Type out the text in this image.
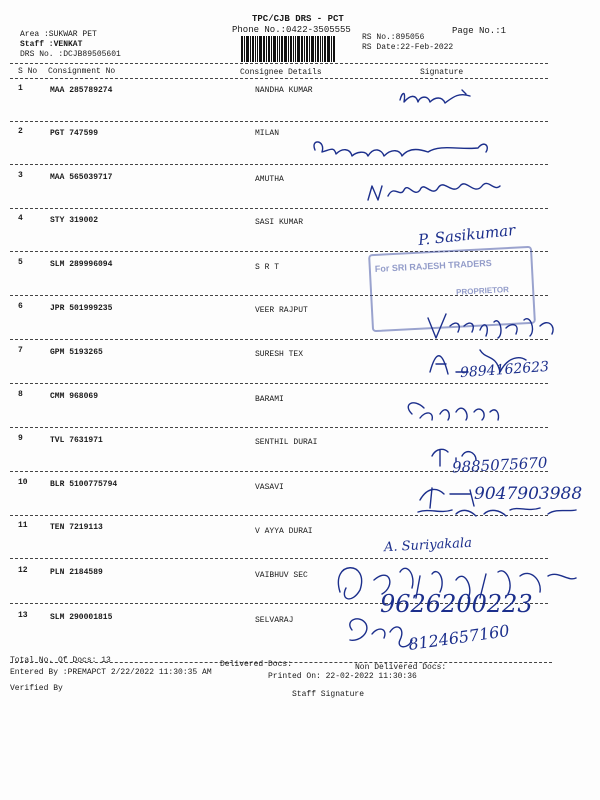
TPC/CJB DRS - PCT
Phone No.:0422-3505555
Area :SUKWAR PET
Staff :VENKAT
DRS No. :DCJB89505601
RS No.:895056
RS Date:22-Feb-2022
Page No.:1
S No Consignment No	Consignee Details	Signature
1	MAA 285789274	NANDHA KUMAR
2	PGT 747599	MILAN
3	MAA 565039717	AMUTHA
4	STY 319002	SASI KUMAR
5	SLM 289996094	S R T
6	JPR 501999235	VEER RAJPUT
7	GPM 5193265	SURESH TEX
8	CMM 968069	BARAMI
9	TVL 7631971	SENTHIL DURAI
10	BLR 5100775794	VASAVI
11	TEN 7219113	V AYYA DURAI
12	PLN 2184589	VAIBHUV SEC
13	SLM 290001815	SELVARAJ
For SRI RAJESH TRADERS
PROPRIETOR
P. Sasikumar
9894162623
9885075670
9047903988
A. Suriyakala
9626200223
8124657160
Total No. Of Docs: 13	Delivered Docs:	Non Delivered Docs:
Entered By :PREMAPCT 2/22/2022 11:30:35 AM	Printed On: 22-02-2022 11:30:36
Verified By
Staff Signature
